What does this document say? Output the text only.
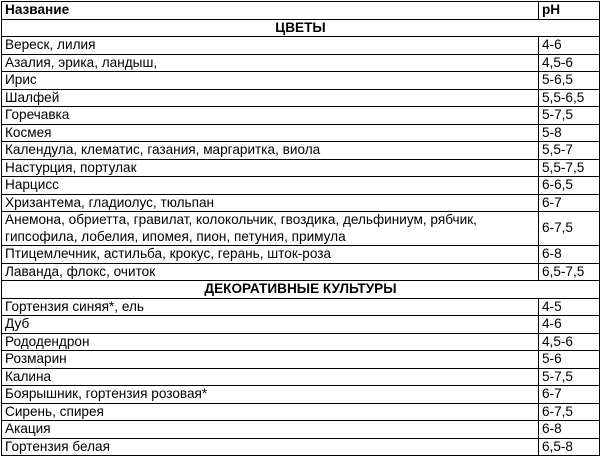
Название	pH
ЦВЕТЫ	
Вереск, лилия	4-6
Азалия, эрика, ландыш,	4,5-6
Ирис	5-6,5
Шалфей	5,5-6,5
Горечавка	5-7,5
Космея	5-8
Календула, клематис, газания, маргаритка, виола	5,5-7
Настурция, портулак	5,5-7,5
Нарцисс	6-6,5
Хризантема, гладиолус, тюльпан	6-7
Анемона, обриетта, гравилат, колокольчик, гвоздика, дельфиниум, рябчик, гипсофила, лобелия, ипомея, пион, петуния, примула	6-7,5
Птицемлечник, астильба, крокус, герань, шток-роза	6-8
Лаванда, флокс, очиток	6,5-7,5
ДЕКОРАТИВНЫЕ КУЛЬТУРЫ	
Гортензия синяя*, ель	4-5
Дуб	4-6
Рододендрон	4,5-6
Розмарин	5-6
Калина	5-7,5
Боярышник, гортензия розовая*	6-7
Сирень, спирея	6-7,5
Акация	6-8
Гортензия белая	6,5-8
